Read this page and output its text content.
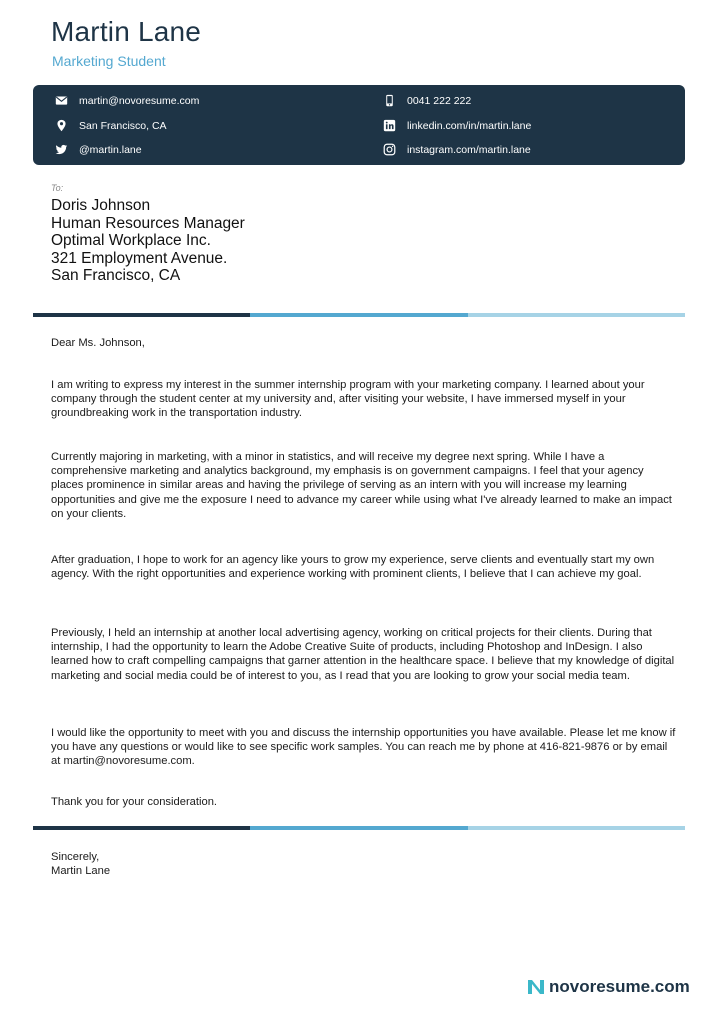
Martin Lane
Marketing Student
martin@novoresume.com
San Francisco, CA
@martin.lane
0041 222 222
linkedin.com/in/martin.lane
instagram.com/martin.lane
To:
Doris Johnson
Human Resources Manager
Optimal Workplace Inc.
321 Employment Avenue.
San Francisco, CA

Dear Ms. Johnson,

I am writing to express my interest in the summer internship program with your marketing company. I learned about your company through the student center at my university and, after visiting your website, I have immersed myself in your groundbreaking work in the transportation industry.

Currently majoring in marketing, with a minor in statistics, and will receive my degree next spring. While I have a comprehensive marketing and analytics background, my emphasis is on government campaigns. I feel that your agency places prominence in similar areas and having the privilege of serving as an intern with you will increase my learning opportunities and give me the exposure I need to advance my career while using what I've already learned to make an impact on your clients.

After graduation, I hope to work for an agency like yours to grow my experience, serve clients and eventually start my own agency. With the right opportunities and experience working with prominent clients, I believe that I can achieve my goal.

Previously, I held an internship at another local advertising agency, working on critical projects for their clients. During that internship, I had the opportunity to learn the Adobe Creative Suite of products, including Photoshop and InDesign. I also learned how to craft compelling campaigns that garner attention in the healthcare space. I believe that my knowledge of digital marketing and social media could be of interest to you, as I read that you are looking to grow your social media team.

I would like the opportunity to meet with you and discuss the internship opportunities you have available. Please let me know if you have any questions or would like to see specific work samples. You can reach me by phone at 416-821-9876 or by email at martin@novoresume.com.

Thank you for your consideration.

Sincerely,

Martin Lane

novoresume.com
